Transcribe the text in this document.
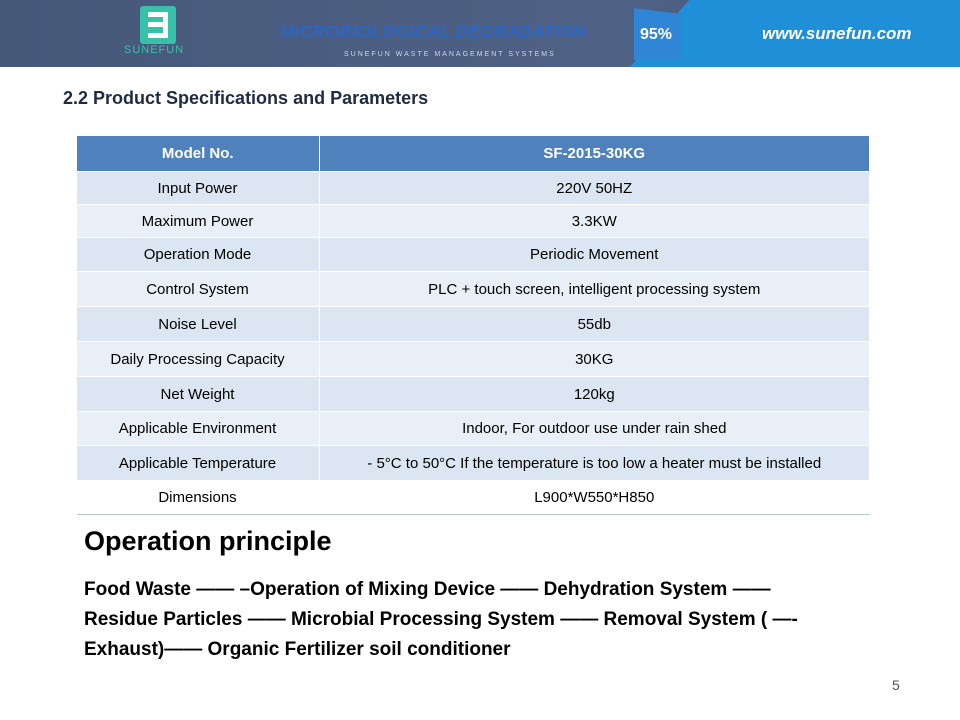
SUNEFUN
MICROBIOLOGICAL DEGRADATION
SUNEFUN WASTE MANAGEMENT SYSTEMS
95%	www.sunefun.com
2.2 Product Specifications and Parameters
Model No.	SF-2015-30KG
Input Power	220V 50HZ
Maximum Power	3.3KW
Operation Mode	Periodic Movement
Control System	PLC + touch screen, intelligent processing system
Noise Level	55db
Daily Processing Capacity	30KG
Net Weight	120kg
Applicable Environment	Indoor, For outdoor use under rain shed
Applicable Temperature	- 5°C to 50°C If the temperature is too low a heater must be installed
Dimensions	L900*W550*H850
Operation principle
Food Waste —— –Operation of Mixing Device —— Dehydration System ——
Residue Particles —— Microbial Processing System —— Removal System ( —-
Exhaust)—— Organic Fertilizer soil conditioner
5
